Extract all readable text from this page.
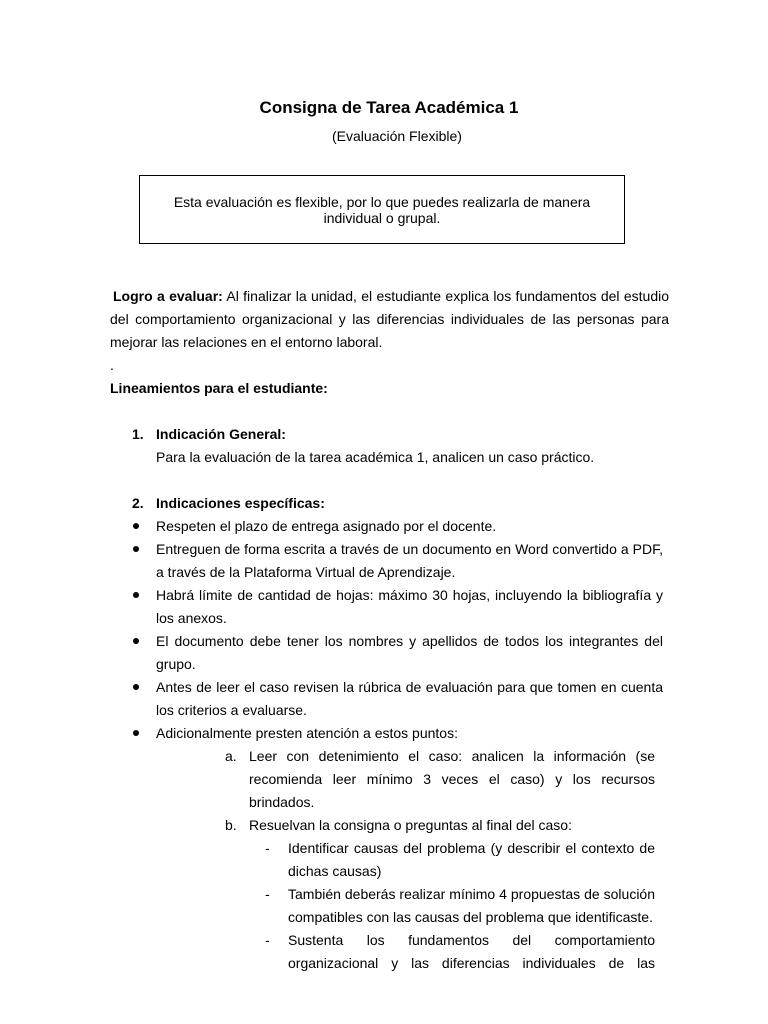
Consigna de Tarea Académica 1
(Evaluación Flexible)
Esta evaluación es flexible, por lo que puedes realizarla de manera individual o grupal.

Logro a evaluar: Al finalizar la unidad, el estudiante explica los fundamentos del estudio del comportamiento organizacional y las diferencias individuales de las personas para mejorar las relaciones en el entorno laboral.

.

Lineamientos para el estudiante:

1. Indicación General:
Para la evaluación de la tarea académica 1, analicen un caso práctico.
2. Indicaciones específicas:
Respeten el plazo de entrega asignado por el docente.
Entreguen de forma escrita a través de un documento en Word convertido a PDF, a través de la Plataforma Virtual de Aprendizaje.
Habrá límite de cantidad de hojas: máximo 30 hojas, incluyendo la bibliografía y los anexos.
El documento debe tener los nombres y apellidos de todos los integrantes del grupo.
Antes de leer el caso revisen la rúbrica de evaluación para que tomen en cuenta los criterios a evaluarse.
Adicionalmente presten atención a estos puntos:
a. Leer con detenimiento el caso: analicen la información (se recomienda leer mínimo 3 veces el caso) y los recursos brindados.
b. Resuelvan la consigna o preguntas al final del caso:
- Identificar causas del problema (y describir el contexto de dichas causas)
- También deberás realizar mínimo 4 propuestas de solución compatibles con las causas del problema que identificaste.
- Sustenta los fundamentos del comportamiento organizacional y las diferencias individuales de las
